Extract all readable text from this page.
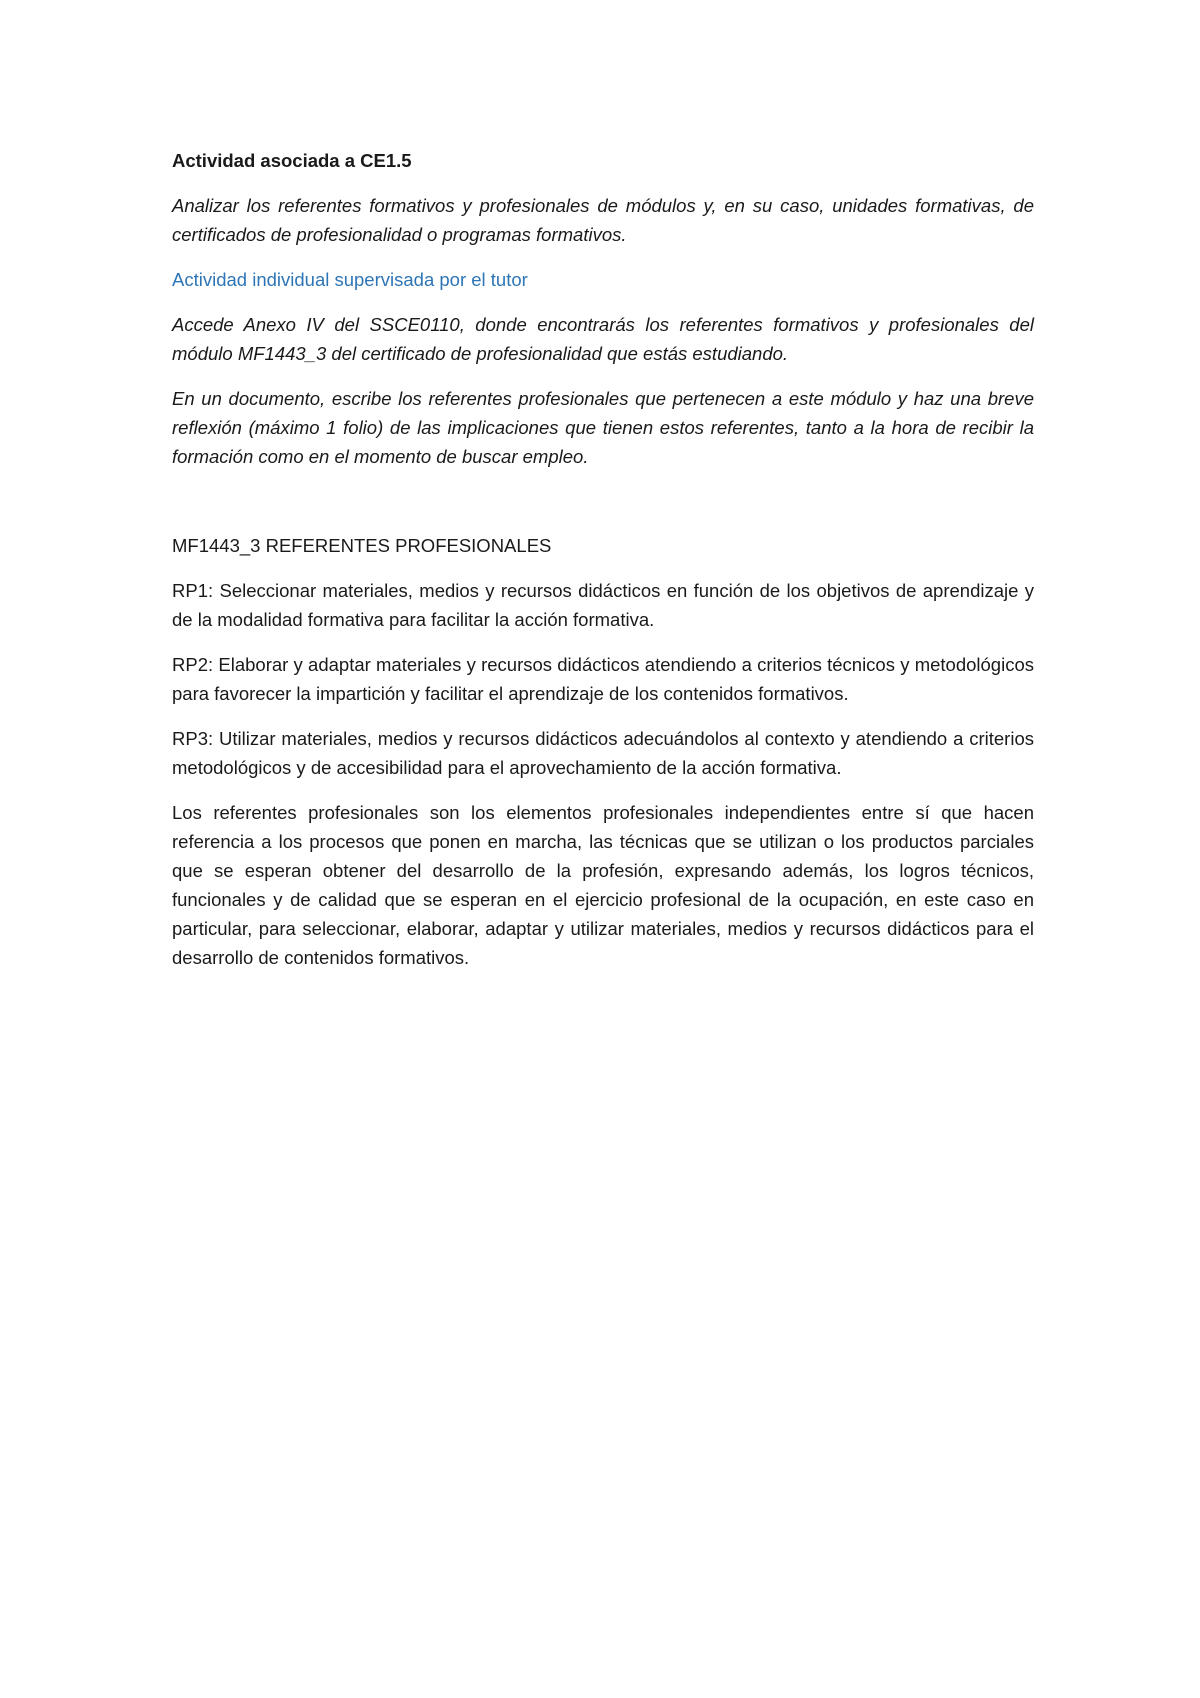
Actividad asociada a CE1.5

Analizar los referentes formativos y profesionales de módulos y, en su caso, unidades formativas, de certificados de profesionalidad o programas formativos.

Actividad individual supervisada por el tutor

Accede Anexo IV del SSCE0110, donde encontrarás los referentes formativos y profesionales del módulo MF1443_3 del certificado de profesionalidad que estás estudiando.

En un documento, escribe los referentes profesionales que pertenecen a este módulo y haz una breve reflexión (máximo 1 folio) de las implicaciones que tienen estos referentes, tanto a la hora de recibir la formación como en el momento de buscar empleo.

MF1443_3 REFERENTES PROFESIONALES

RP1: Seleccionar materiales, medios y recursos didácticos en función de los objetivos de aprendizaje y de la modalidad formativa para facilitar la acción formativa.

RP2: Elaborar y adaptar materiales y recursos didácticos atendiendo a criterios técnicos y metodológicos para favorecer la impartición y facilitar el aprendizaje de los contenidos formativos.

RP3: Utilizar materiales, medios y recursos didácticos adecuándolos al contexto y atendiendo a criterios metodológicos y de accesibilidad para el aprovechamiento de la acción formativa.

Los referentes profesionales son los elementos profesionales independientes entre sí que hacen referencia a los procesos que ponen en marcha, las técnicas que se utilizan o los productos parciales que se esperan obtener del desarrollo de la profesión, expresando además, los logros técnicos, funcionales y de calidad que se esperan en el ejercicio profesional de la ocupación, en este caso en particular, para seleccionar, elaborar, adaptar y utilizar materiales, medios y recursos didácticos para el desarrollo de contenidos formativos.
